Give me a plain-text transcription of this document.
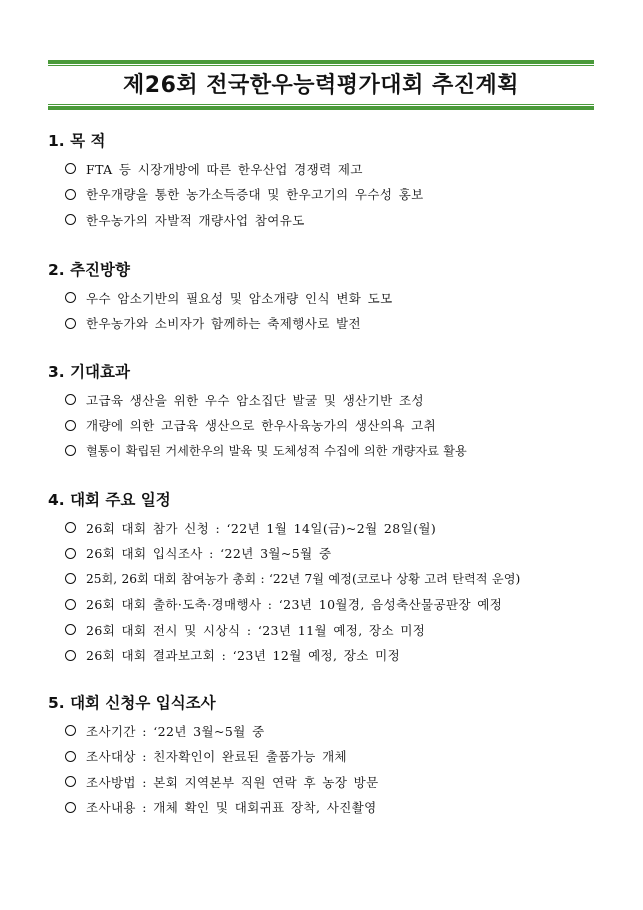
제26회 전국한우능력평가대회 추진계획
1. 목 적
FTA 등 시장개방에 따른 한우산업 경쟁력 제고
한우개량을 통한 농가소득증대 및 한우고기의 우수성 홍보
한우농가의 자발적 개량사업 참여유도
2. 추진방향
우수 암소기반의 필요성 및 암소개량 인식 변화 도모
한우농가와 소비자가 함께하는 축제행사로 발전
3. 기대효과
고급육 생산을 위한 우수 암소집단 발굴 및 생산기반 조성
개량에 의한 고급육 생산으로 한우사육농가의 생산의욕 고취
혈통이 확립된 거세한우의 발육 및 도체성적 수집에 의한 개량자료 활용
4. 대회 주요 일정
26회 대회 참가 신청 : ‘22년 1월 14일(금)~2월 28일(월)
26회 대회 입식조사 : ‘22년 3월~5월 중
25회, 26회 대회 참여농가 총회 : ‘22년 7월 예정(코로나 상황 고려 탄력적 운영)
26회 대회 출하·도축·경매행사 : ‘23년 10월경, 음성축산물공판장 예정
26회 대회 전시 및 시상식 : ‘23년 11월 예정, 장소 미정
26회 대회 결과보고회 : ‘23년 12월 예정, 장소 미정
5. 대회 신청우 입식조사
조사기간 : ‘22년 3월~5월 중
조사대상 : 친자확인이 완료된 출품가능 개체
조사방법 : 본회 지역본부 직원 연락 후 농장 방문
조사내용 : 개체 확인 및 대회귀표 장착, 사진촬영
